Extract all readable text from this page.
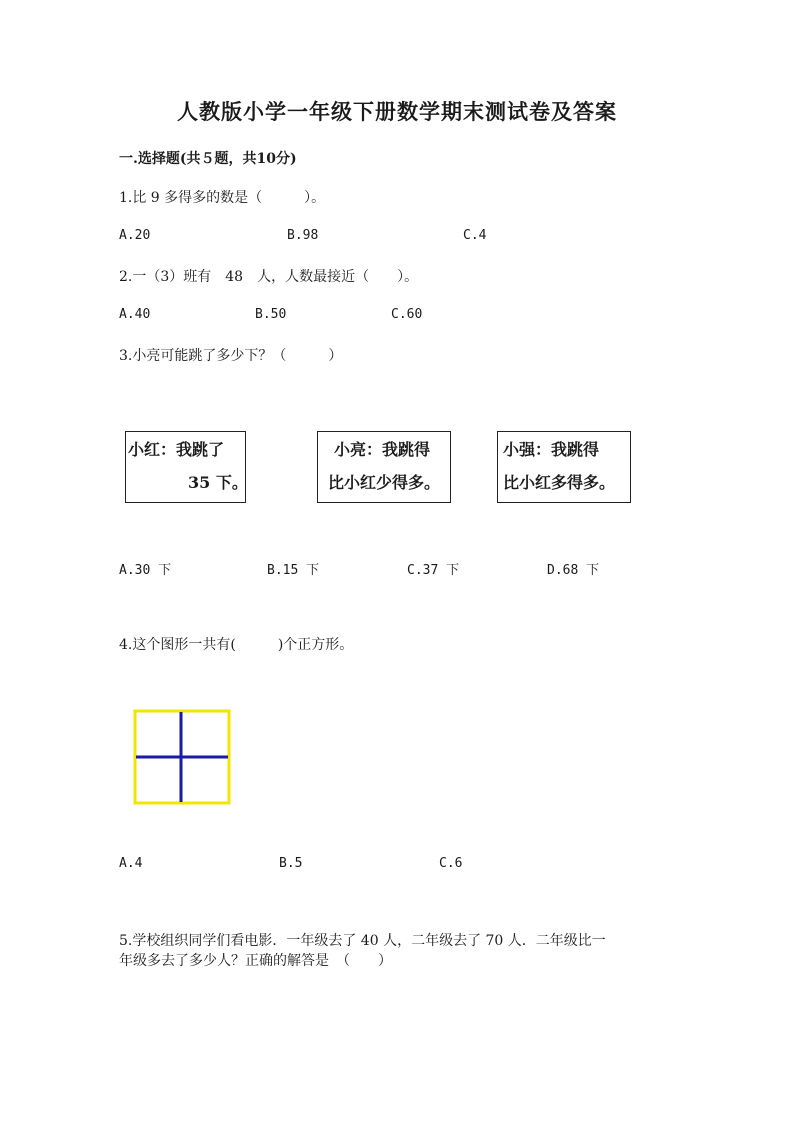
人教版小学一年级下册数学期末测试卷及答案
一.选择题(共５题，共10分)
1.比 9 多得多的数是（　　　）。
A.20	B.98	C.4
2.一（3）班有　48　人，人数最接近（　　）。
A.40	B.50	C.60
3.小亮可能跳了多少下？（　　　）
小红：我跳了
35 下。
小亮：我跳得
比小红少得多。
小强：我跳得
比小红多得多。
A.30 下	B.15 下	C.37 下	D.68 下
4.这个图形一共有(　　　)个正方形。
A.4	B.5	C.6
5.学校组织同学们看电影．一年级去了 40 人，二年级去了 70 人．二年级比一
年级多去了多少人？正确的解答是　（　　）
